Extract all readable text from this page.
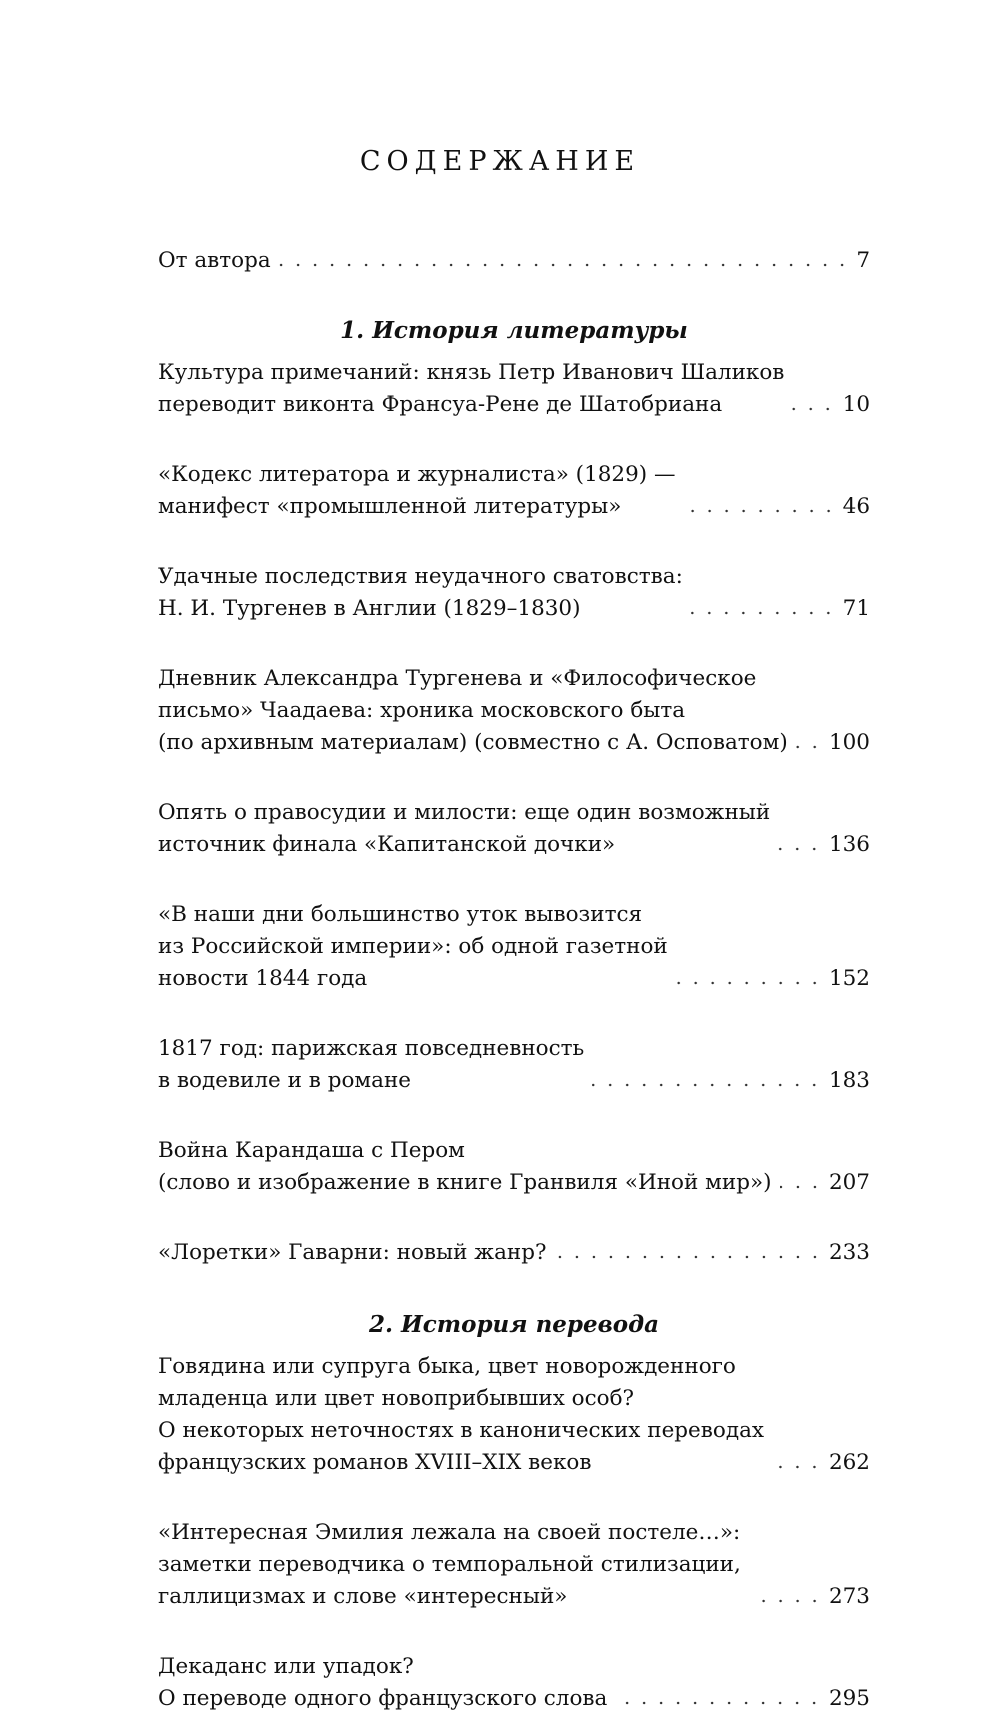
СОДЕРЖАНИЕ
От автора	7
1. История литературы
Культура примечаний: князь Петр Иванович Шаликов
переводит виконта Франсуа-Рене де Шатобриана	10
«Кодекс литератора и журналиста» (1829) —
манифест «промышленной литературы»	46
Удачные последствия неудачного сватовства:
Н. И. Тургенев в Англии (1829–1830)	71
Дневник Александра Тургенева и «Философическое
письмо» Чаадаева: хроника московского быта
(по архивным материалам) (совместно с А. Осповатом) 100
Опять о правосудии и милости: еще один возможный
источник финала «Капитанской дочки»	136
«В наши дни большинство уток вывозится
из Российской империи»: об одной газетной
новости 1844 года	152
1817 год: парижская повседневность
в водевиле и в романе	183
Война Карандаша с Пером
(слово и изображение в книге Гранвиля «Иной мир»)	207
«Лоретки» Гаварни: новый жанр?	233
2. История перевода
Говядина или супруга быка, цвет новорожденного
младенца или цвет новоприбывших особ?
О некоторых неточностях в канонических переводах
французских романов XVIII–XIX веков	262
«Интересная Эмилия лежала на своей постеле…»:
заметки переводчика о темпоральной стилизации,
галлицизмах и слове «интересный»	273
Декаданс или упадок?
О переводе одного французского слова	295
